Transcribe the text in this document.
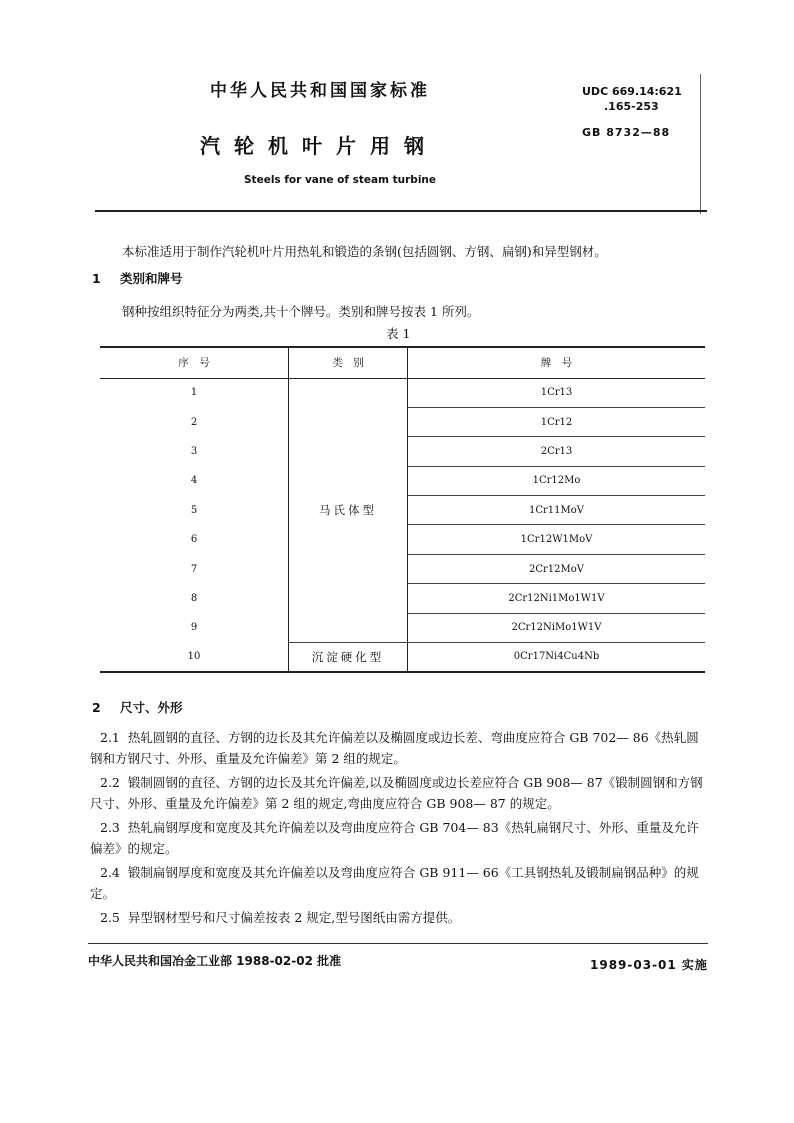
中华人民共和国国家标准	UDC 669.14:621
.165-253
GB 8732—88
汽轮机叶片用钢
Steels for vane of steam turbine
本标准适用于制作汽轮机叶片用热轧和锻造的条钢(包括圆钢、方钢、扁钢)和异型钢材。
1 类别和牌号
钢种按组织特征分为两类,共十个牌号。类别和牌号按表 1 所列。
表 1
序　号	类　别	牌　号
1	马氏体型	1Cr13
2		1Cr12
3		2Cr13
4		1Cr12Mo
5		1Cr11MoV
6		1Cr12W1MoV
7		2Cr12MoV
8		2Cr12Ni1Mo1W1V
9		2Cr12NiMo1W1V
10	沉淀硬化型	0Cr17Ni4Cu4Nb
2 尺寸、外形
2.1 热轧圆钢的直径、方钢的边长及其允许偏差以及椭圆度或边长差、弯曲度应符合 GB 702— 86《热轧圆钢和方钢尺寸、外形、重量及允许偏差》第 2 组的规定。
2.2 锻制圆钢的直径、方钢的边长及其允许偏差,以及椭圆度或边长差应符合 GB 908— 87《锻制圆钢和方钢尺寸、外形、重量及允许偏差》第 2 组的规定,弯曲度应符合 GB 908— 87 的规定。
2.3 热轧扁钢厚度和宽度及其允许偏差以及弯曲度应符合 GB 704— 83《热轧扁钢尺寸、外形、重量及允许偏差》的规定。
2.4 锻制扁钢厚度和宽度及其允许偏差以及弯曲度应符合 GB 911— 66《工具钢热轧及锻制扁钢品种》的规定。
2.5 异型钢材型号和尺寸偏差按表 2 规定,型号图纸由需方提供。
中华人民共和国冶金工业部 1988-02-02 批准	1989-03-01 实施
